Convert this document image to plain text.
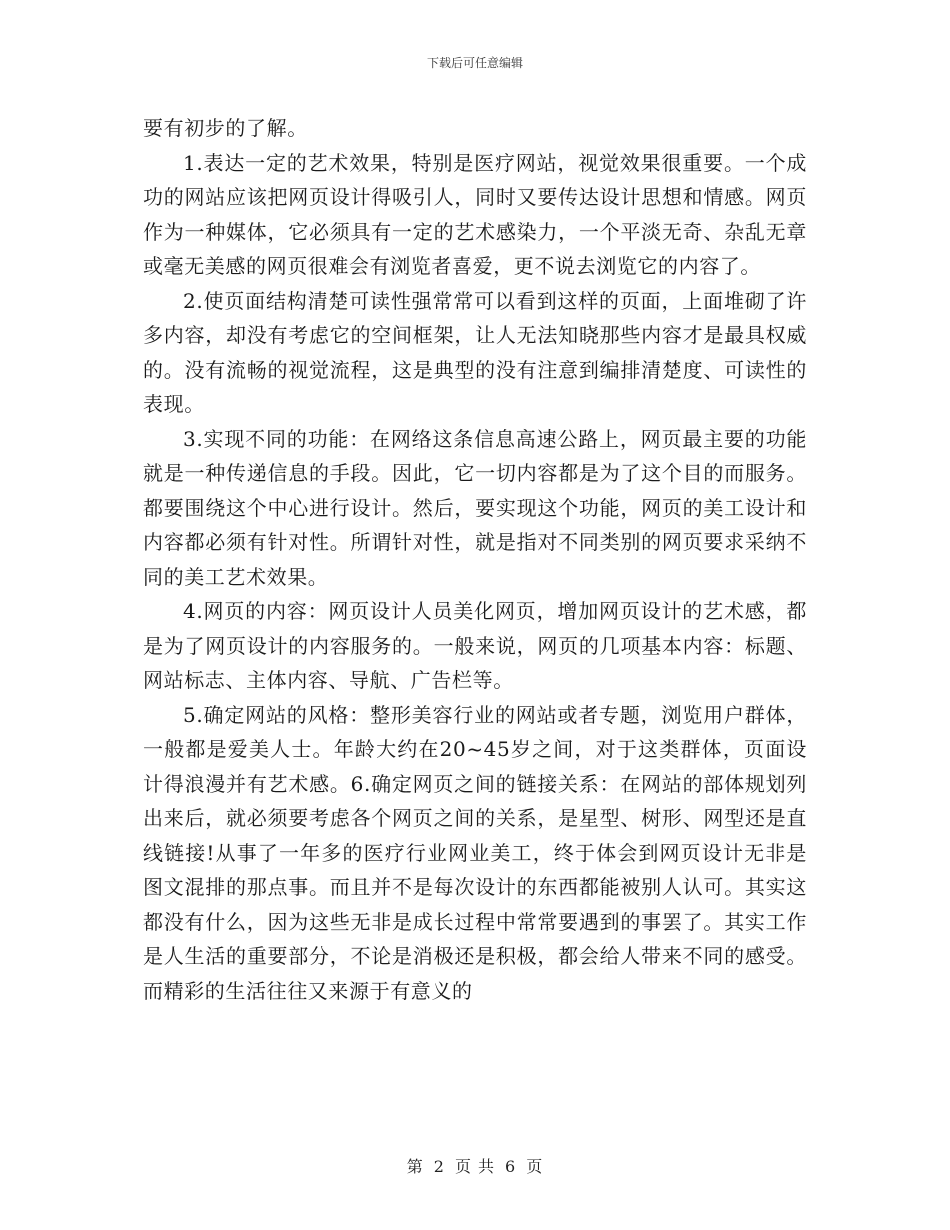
下载后可任意编辑

要有初步的了解。

1.表达一定的艺术效果，特别是医疗网站，视觉效果很重要。一个成功的网站应该把网页设计得吸引人，同时又要传达设计思想和情感。网页作为一种媒体，它必须具有一定的艺术感染力，一个平淡无奇、杂乱无章或毫无美感的网页很难会有浏览者喜爱，更不说去浏览它的内容了。

2.使页面结构清楚可读性强常常可以看到这样的页面，上面堆砌了许多内容，却没有考虑它的空间框架，让人无法知晓那些内容才是最具权威的。没有流畅的视觉流程，这是典型的没有注意到编排清楚度、可读性的表现。

3.实现不同的功能：在网络这条信息高速公路上，网页最主要的功能就是一种传递信息的手段。因此，它一切内容都是为了这个目的而服务。都要围绕这个中心进行设计。然后，要实现这个功能，网页的美工设计和内容都必须有针对性。所谓针对性，就是指对不同类别的网页要求采纳不同的美工艺术效果。

4.网页的内容：网页设计人员美化网页，增加网页设计的艺术感，都是为了网页设计的内容服务的。一般来说，网页的几项基本内容：标题、网站标志、主体内容、导航、广告栏等。

5.确定网站的风格：整形美容行业的网站或者专题，浏览用户群体，一般都是爱美人士。年龄大约在20~45岁之间，对于这类群体，页面设计得浪漫并有艺术感。6.确定网页之间的链接关系：在网站的部体规划列出来后，就必须要考虑各个网页之间的关系，是星型、树形、网型还是直线链接!从事了一年多的医疗行业网业美工，终于体会到网页设计无非是图文混排的那点事。而且并不是每次设计的东西都能被别人认可。其实这都没有什么，因为这些无非是成长过程中常常要遇到的事罢了。其实工作是人生活的重要部分，不论是消极还是积极，都会给人带来不同的感受。而精彩的生活往往又来源于有意义的

第 2 页 共 6 页
